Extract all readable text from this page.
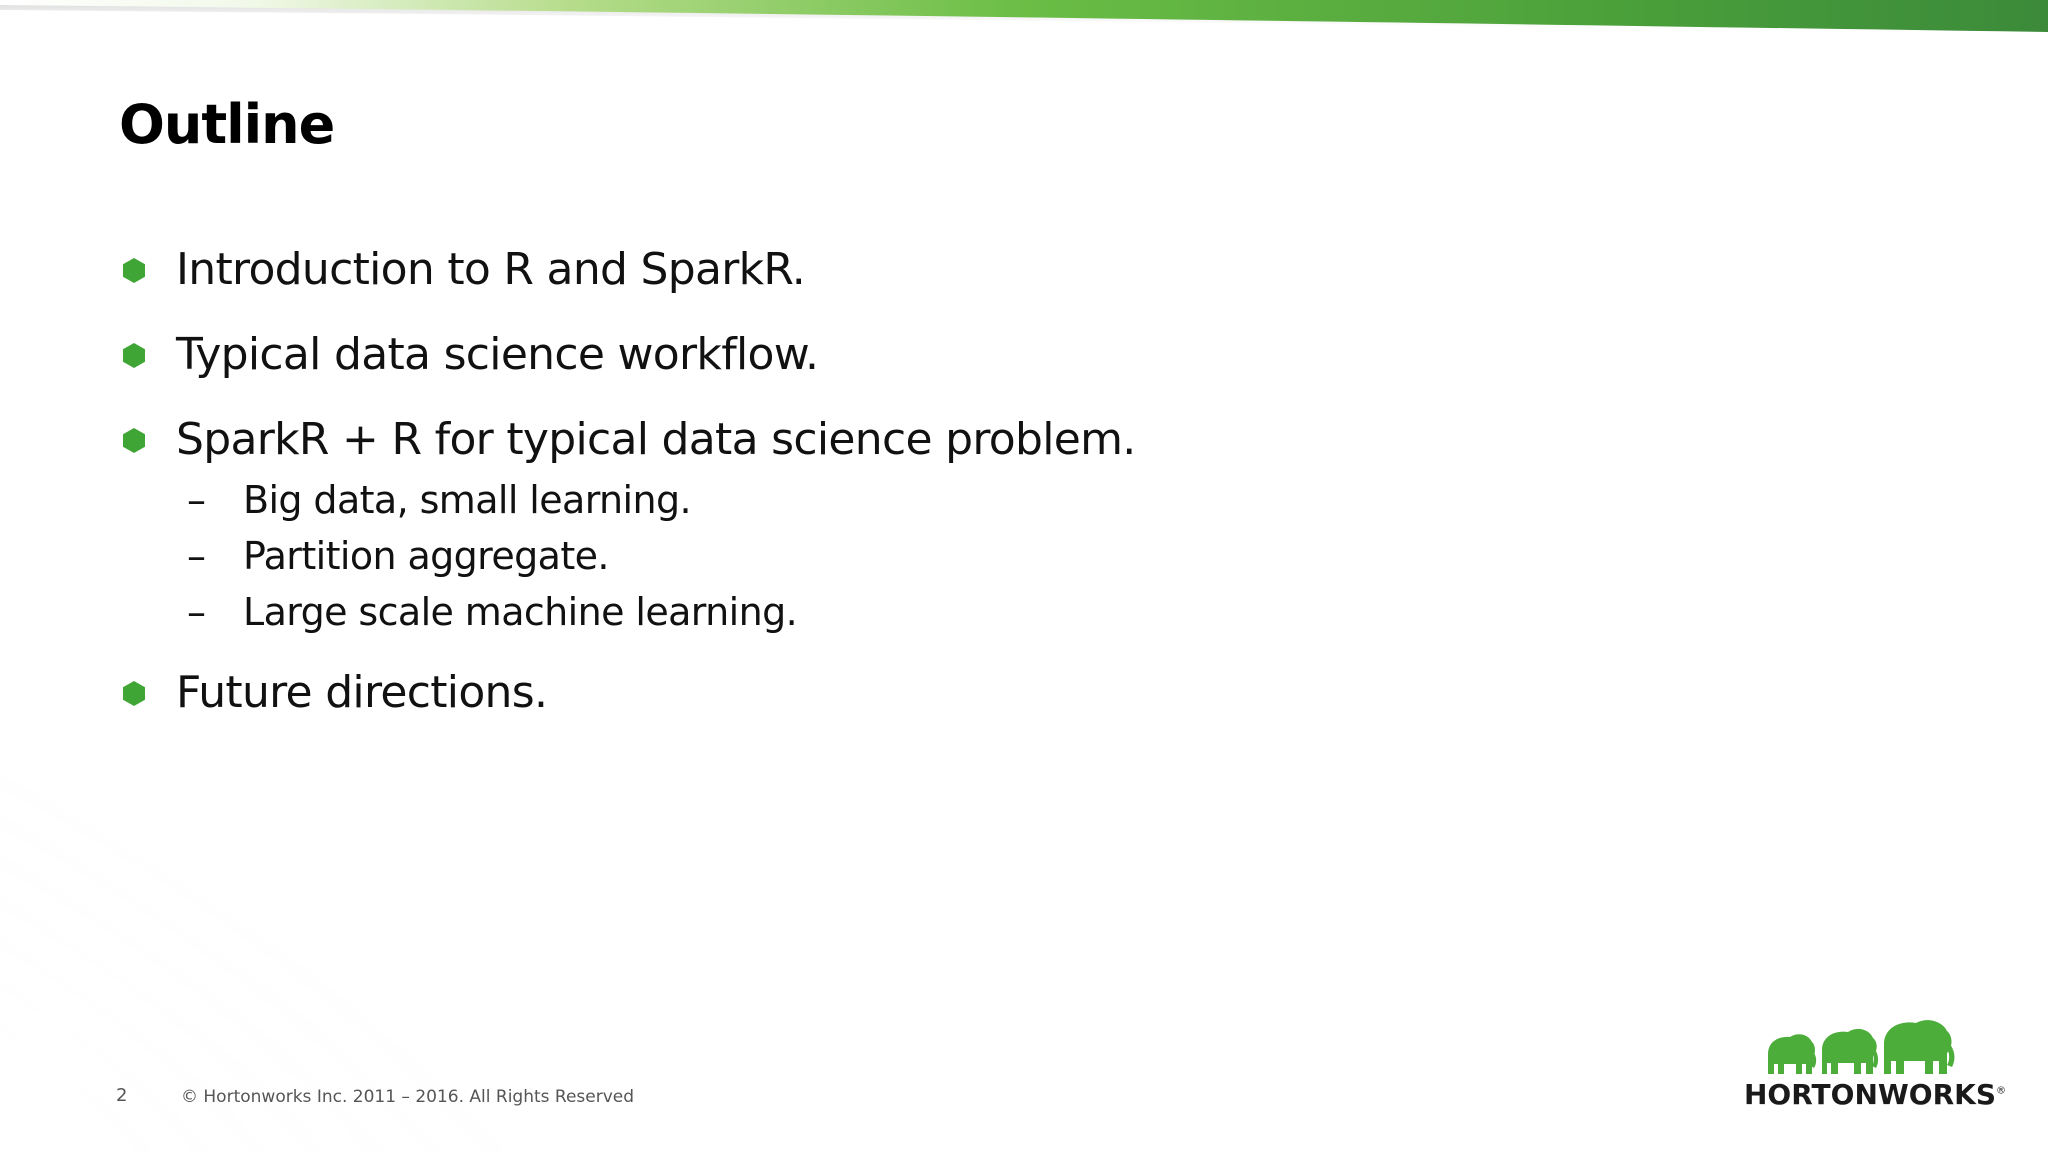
Outline
Introduction to R and SparkR.
Typical data science workflow.
SparkR + R for typical data science problem.
– Big data, small learning.
– Partition aggregate.
– Large scale machine learning.
Future directions.
2	© Hortonworks Inc. 2011 – 2016. All Rights Reserved	HORTONWORKS®
